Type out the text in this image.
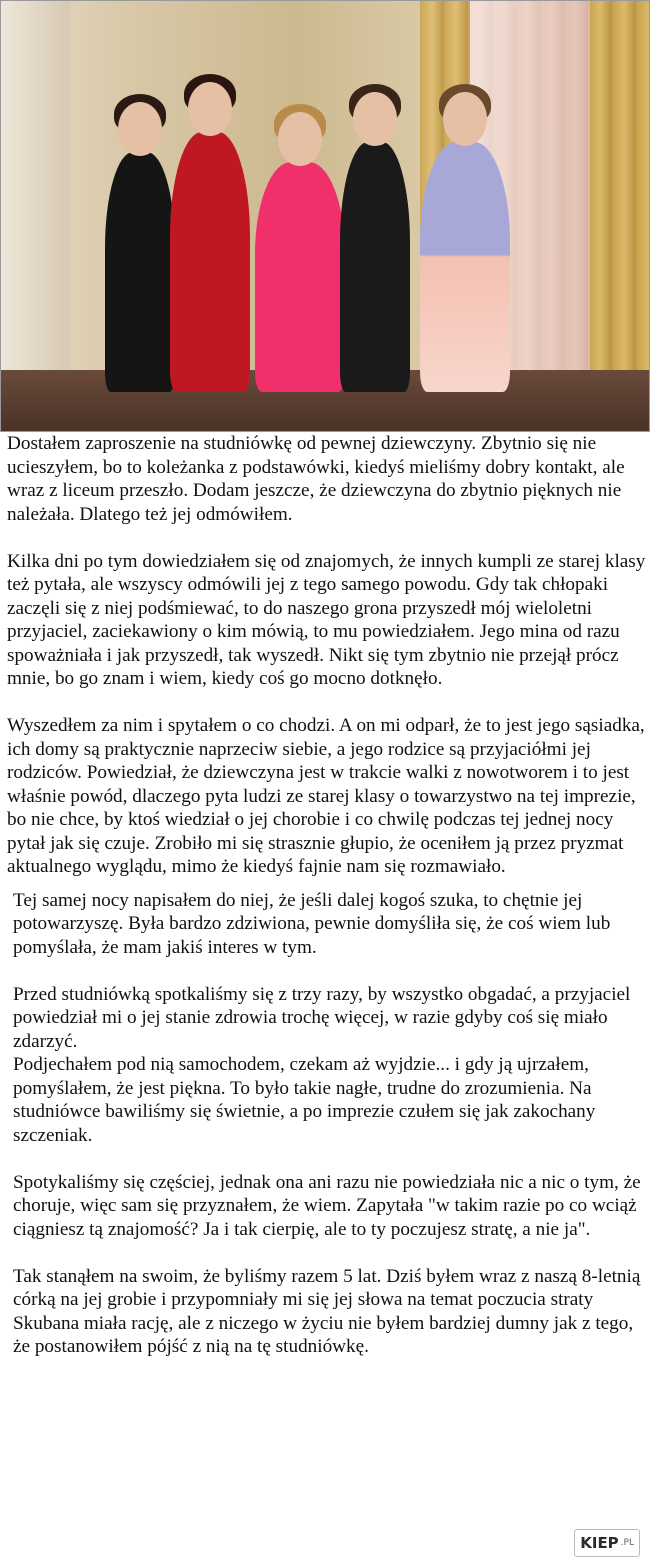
Dostałem zaproszenie na studniówkę od pewnej dziewczyny. Zbytnio się nie ucieszyłem, bo to koleżanka z podstawówki, kiedyś mieliśmy dobry kontakt, ale wraz z liceum przeszło. Dodam jeszcze, że dziewczyna do zbytnio pięknych nie należała. Dlatego też jej odmówiłem.

Kilka dni po tym dowiedziałem się od znajomych, że innych kumpli ze starej klasy też pytała, ale wszyscy odmówili jej z tego samego powodu. Gdy tak chłopaki zaczęli się z niej podśmiewać, to do naszego grona przyszedł mój wieloletni przyjaciel, zaciekawiony o kim mówią, to mu powiedziałem. Jego mina od razu spoważniała i jak przyszedł, tak wyszedł. Nikt się tym zbytnio nie przejął prócz mnie, bo go znam i wiem, kiedy coś go mocno dotknęło.

Wyszedłem za nim i spytałem o co chodzi. A on mi odparł, że to jest jego sąsiadka, ich domy są praktycznie naprzeciw siebie, a jego rodzice są przyjaciółmi jej rodziców. Powiedział, że dziewczyna jest w trakcie walki z nowotworem i to jest właśnie powód, dlaczego pyta ludzi ze starej klasy o towarzystwo na tej imprezie, bo nie chce, by ktoś wiedział o jej chorobie i co chwilę podczas tej jednej nocy pytał jak się czuje. Zrobiło mi się strasznie głupio, że oceniłem ją przez pryzmat aktualnego wyglądu, mimo że kiedyś fajnie nam się rozmawiało.

Tej samej nocy napisałem do niej, że jeśli dalej kogoś szuka, to chętnie jej potowarzyszę. Była bardzo zdziwiona, pewnie domyśliła się, że coś wiem lub pomyślała, że mam jakiś interes w tym.

Przed studniówką spotkaliśmy się z trzy razy, by wszystko obgadać, a przyjaciel powiedział mi o jej stanie zdrowia trochę więcej, w razie gdyby coś się miało zdarzyć.

Podjechałem pod nią samochodem, czekam aż wyjdzie... i gdy ją ujrzałem, pomyślałem, że jest piękna. To było takie nagłe, trudne do zrozumienia. Na studniówce bawiliśmy się świetnie, a po imprezie czułem się jak zakochany szczeniak.

Spotykaliśmy się częściej, jednak ona ani razu nie powiedziała nic a nic o tym, że choruje, więc sam się przyznałem, że wiem. Zapytała "w takim razie po co wciąż ciągniesz tą znajomość? Ja i tak cierpię, ale to ty poczujesz stratę, a nie ja".

Tak stanąłem na swoim, że byliśmy razem 5 lat. Dziś byłem wraz z naszą 8-letnią córką na jej grobie i przypomniały mi się jej słowa na temat poczucia straty Skubana miała rację, ale z niczego w życiu nie byłem bardziej dumny jak z tego, że postanowiłem pójść z nią na tę studniówkę.

KIEP .PL
